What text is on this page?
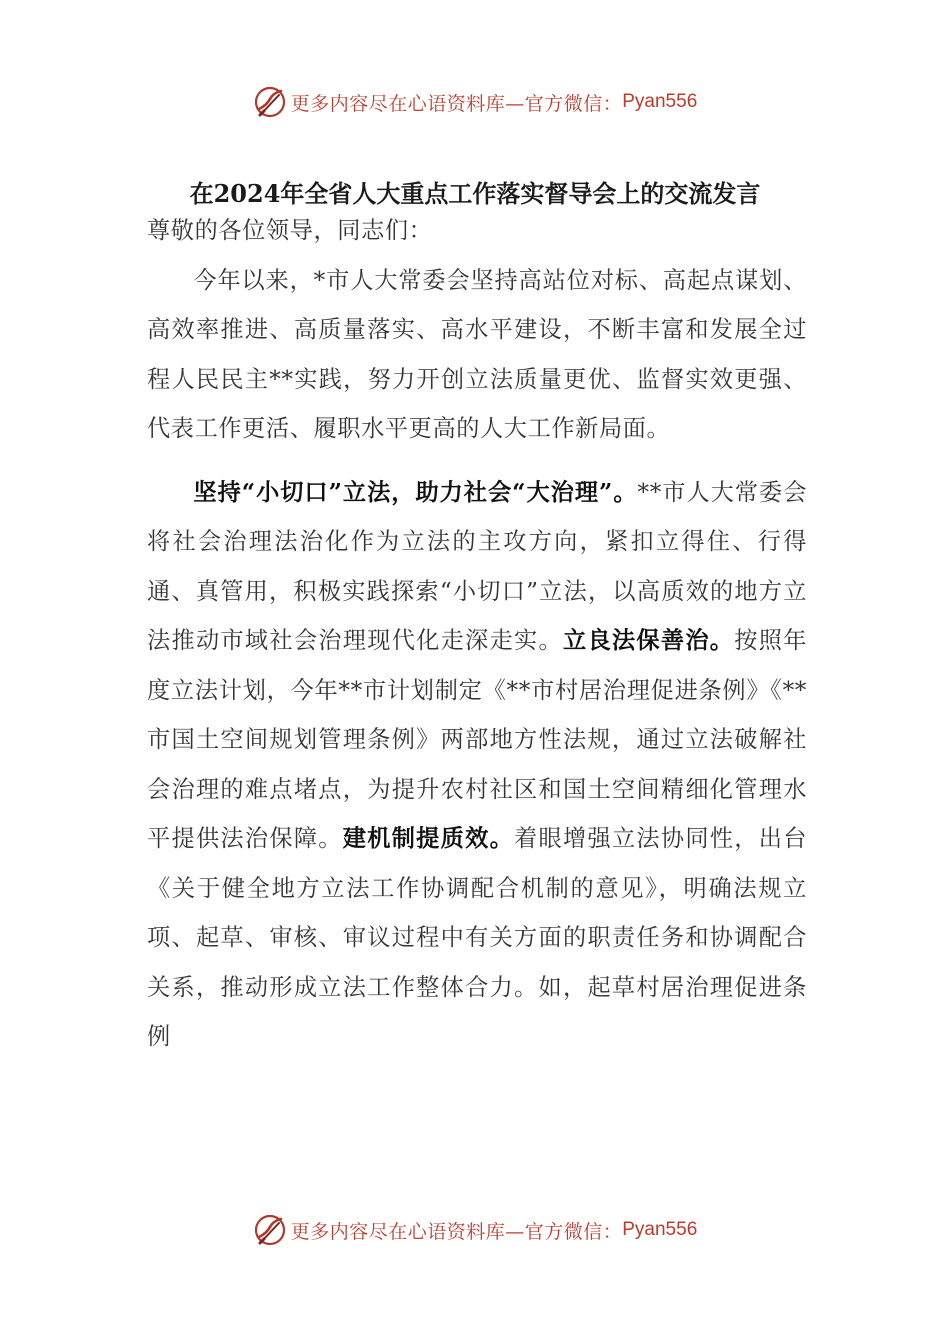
更多内容尽在心语资料库—官方微信： Pyan556
在2024年全省人大重点工作落实督导会上的交流发言

尊敬的各位领导，同志们：

今年以来，*市人大常委会坚持高站位对标、高起点谋划、高效率推进、高质量落实、高水平建设，不断丰富和发展全过程人民民主**实践，努力开创立法质量更优、监督实效更强、代表工作更活、履职水平更高的人大工作新局面。

坚持“小切口”立法，助力社会“大治理”。**市人大常委会将社会治理法治化作为立法的主攻方向，紧扣立得住、行得通、真管用，积极实践探索“小切口”立法，以高质效的地方立法推动市域社会治理现代化走深走实。立良法保善治。按照年度立法计划，今年**市计划制定《**市村居治理促进条例》《**市国土空间规划管理条例》两部地方性法规，通过立法破解社会治理的难点堵点，为提升农村社区和国土空间精细化管理水平提供法治保障。建机制提质效。着眼增强立法协同性，出台《关于健全地方立法工作协调配合机制的意见》，明确法规立项、起草、审核、审议过程中有关方面的职责任务和协调配合关系，推动形成立法工作整体合力。如，起草村居治理促进条例

更多内容尽在心语资料库—官方微信： Pyan556
